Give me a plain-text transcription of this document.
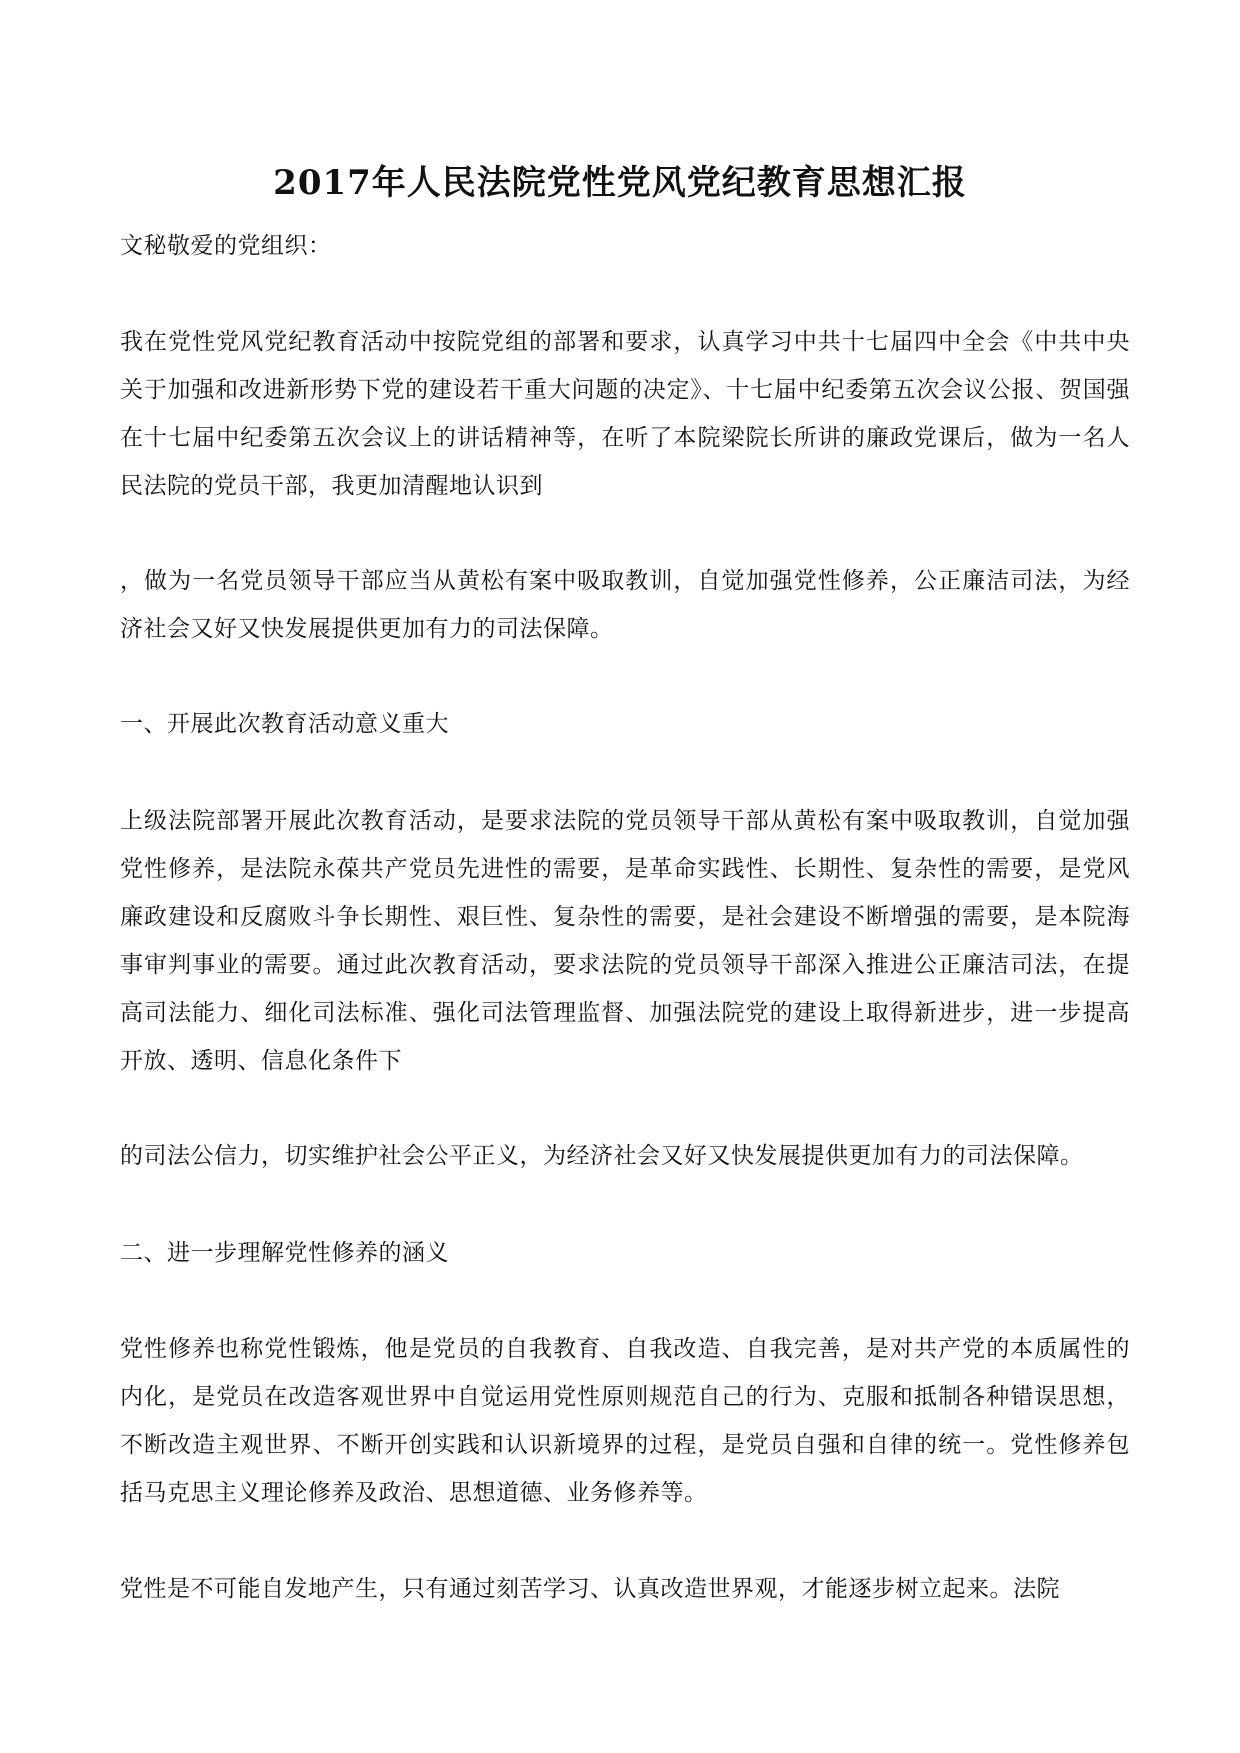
2017年人民法院党性党风党纪教育思想汇报

文秘敬爱的党组织：

我在党性党风党纪教育活动中按院党组的部署和要求，认真学习中共十七届四中全会《中共中央关于加强和改进新形势下党的建设若干重大问题的决定》、十七届中纪委第五次会议公报、贺国强在十七届中纪委第五次会议上的讲话精神等，在听了本院梁院长所讲的廉政党课后，做为一名人民法院的党员干部，我更加清醒地认识到

，做为一名党员领导干部应当从黄松有案中吸取教训，自觉加强党性修养，公正廉洁司法，为经济社会又好又快发展提供更加有力的司法保障。

一、开展此次教育活动意义重大

上级法院部署开展此次教育活动，是要求法院的党员领导干部从黄松有案中吸取教训，自觉加强党性修养，是法院永葆共产党员先进性的需要，是革命实践性、长期性、复杂性的需要，是党风廉政建设和反腐败斗争长期性、艰巨性、复杂性的需要，是社会建设不断增强的需要，是本院海事审判事业的需要。通过此次教育活动，要求法院的党员领导干部深入推进公正廉洁司法，在提高司法能力、细化司法标准、强化司法管理监督、加强法院党的建设上取得新进步，进一步提高开放、透明、信息化条件下

的司法公信力，切实维护社会公平正义，为经济社会又好又快发展提供更加有力的司法保障。

二、进一步理解党性修养的涵义

党性修养也称党性锻炼，他是党员的自我教育、自我改造、自我完善，是对共产党的本质属性的内化，是党员在改造客观世界中自觉运用党性原则规范自己的行为、克服和抵制各种错误思想，不断改造主观世界、不断开创实践和认识新境界的过程，是党员自强和自律的统一。党性修养包括马克思主义理论修养及政治、思想道德、业务修养等。

党性是不可能自发地产生，只有通过刻苦学习、认真改造世界观，才能逐步树立起来。法院
